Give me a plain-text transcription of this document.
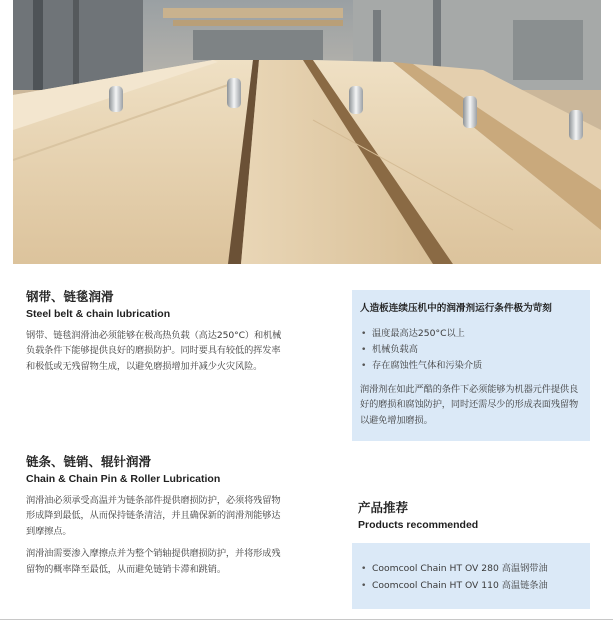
钢带、链毯润滑
Steel belt & chain lubrication

钢带、链毯润滑油必须能够在极高热负载（高达250°C）和机械负载条件下能够提供良好的磨损防护。同时要具有较低的挥发率和极低或无残留物生成，以避免磨损增加并减少火灾风险。

链条、链销、辊针润滑
Chain & Chain Pin & Roller Lubrication

润滑油必须承受高温并为链条部件提供磨损防护，必须将残留物形成降到最低，从而保持链条清洁，并且确保新的润滑剂能够达到摩擦点。

润滑油需要渗入摩擦点并为整个销轴提供磨损防护，并将形成残留物的概率降至最低，从而避免链销卡滞和跳销。

人造板连续压机中的润滑剂运行条件极为苛刻
• 温度最高达250°C以上
• 机械负载高
• 存在腐蚀性气体和污染介质

润滑剂在如此严酷的条件下必须能够为机器元件提供良好的磨损和腐蚀防护，同时还需尽少的形成表面残留物以避免增加磨损。

产品推荐
Products recommended
• Coomcool Chain HT OV 280 高温钢带油
• Coomcool Chain HT OV 110 高温链条油
